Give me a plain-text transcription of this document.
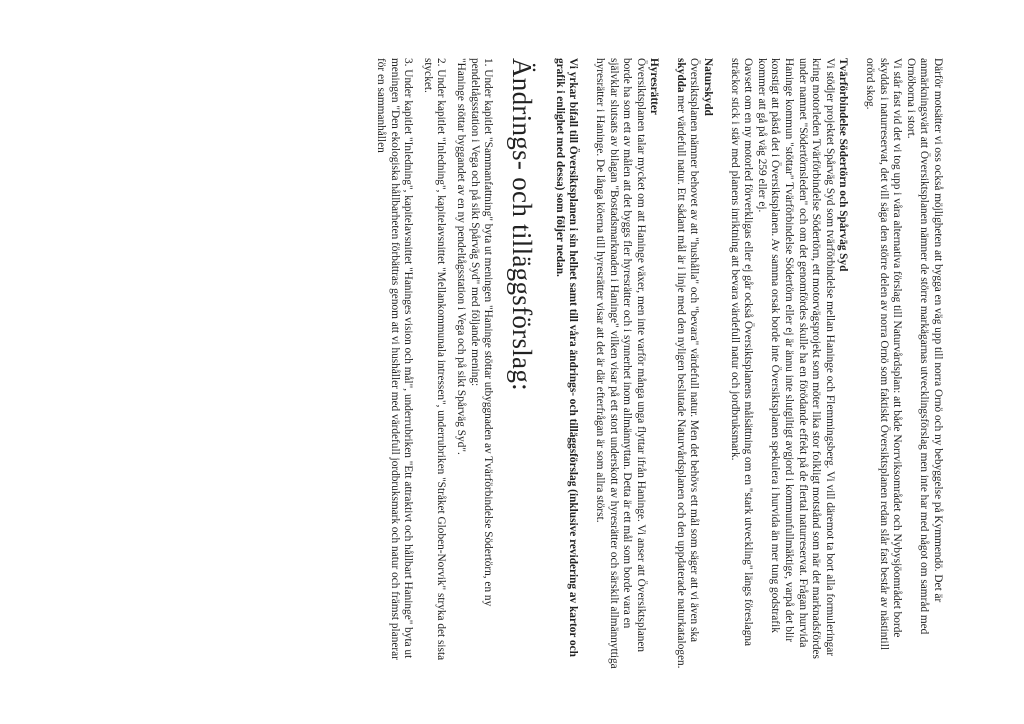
Därför motsätter vi oss också möjligheten att bygga en väg upp till norra Ornö och ny bebyggelse på Kymmendö. Det är anmärkningsvärt att Översiktsplanen nämner de större markägarnas utvecklingsförslag men inte har med något om samråd med Ornöborna i stort.

Vi står fast vid det vi tog upp i våra alternativa förslag till Naturvårdsplan: att både Norrviksområdet och Nybysjöområdet borde skyddas i naturreservat, det vill säga den större delen av norra Ornö som faktiskt Översiktsplanen redan slår fast består av nästintill orörd skog.

Tvärförbindelse Södertörn och Spårväg Syd
Vi stödjer projektet Spårväg Syd som tvärförbindelse mellan Haninge och Flemmingsberg. Vi vill däremot ta bort alla formuleringar kring motorleden Tvärförbindelse Södertörn, ett motorvägsprojekt som möter lika stor folkligt motstånd som när det marknadsfördes under namnet "Södertörnsleden" och om det genomfördes skulle ha en förödande effekt på de flertal naturreservat. Frågan hurvida Haninge kommun "stöttar" Tvärförbindelse Södertörn eller ej är ännu inte slutgiltigt avgjord i kommunfullmäktige, varpå det blir konstigt att påstå det i Översiktsplanen. Av samma orsak borde inte Översiktsplanen spekulera i hurvida än mer tung godstrafik kommer att gå på väg 259 eller ej.

Oavsett om en ny motorled förverkligas eller ej går också Översiktsplanens målsättning om en "stark utveckling" längs föreslagna sträckor stick i stäv med planens inriktning att bevara värdefull natur och jordbruksmark.

Naturskydd
Översiktsplanen nämner behovet av att "hushålla" och "bevara" värdefull natur. Men det behövs ett mål som säger att vi även ska skydda mer värdefull natur. Ett sådant mål är i linje med den nyligen beslutade Naturvårdsplanen och den uppdaterade naturkatalogen.

Hyresrätter
Översiktsplanen talar mycket om att Haninge växer, men inte varför många unga flyttar ifrån Haninge. Vi anser att Översiktsplanen borde ha som ett av målen att det byggs fler hyresrätter och i synnerhet inom allmännyttan. Detta är ett mål som borde vara en självklar slutsats av bilagan "Bostadsmarknaden i Haninge" vilken visar på ett stort underskott av hyresrätter och särskilt allmännyttiga hyresrätter i Haninge. De långa köerna till hyresrätter visar att det är där efterfrågan är som allra störst.

Vi yrkar bifall till Översiktsplanen i sin helhet samt till våra ändrings- och tilläggsförslag (inklusive revidering av kartor och grafik i enlighet med dessa) som följer nedan.

Ändrings- och tilläggsförslag:
1. Under kapitlet "Sammanfattning" byta ut meningen "Haninge stöttar utbyggnaden av Tvärförbindelse Södertörn, en ny pendeltågsstation i Vega och på sikt Spårväg Syd" med följande mening:
"Haninge stöttar byggandet av en ny pendeltågsstation i Vega och på sikt Spårväg Syd".
2. Under kapitlet "Inledning", kapitelavsnittet "Mellankommunala intressen", underrubriken "Stråket Globen-Norvik" stryka det sista stycket.
3. Under kapitlet "Inledning", kapitelavsnittet "Haninges vision och mål", underrubriken "Ett attraktivt och hållbart Haninge" byta ut meningen "Den ekologiska hållbarheten förbättras genom att vi hushåller med värdefull jordbruksmark och natur och främst planerar för en sammanhållen
